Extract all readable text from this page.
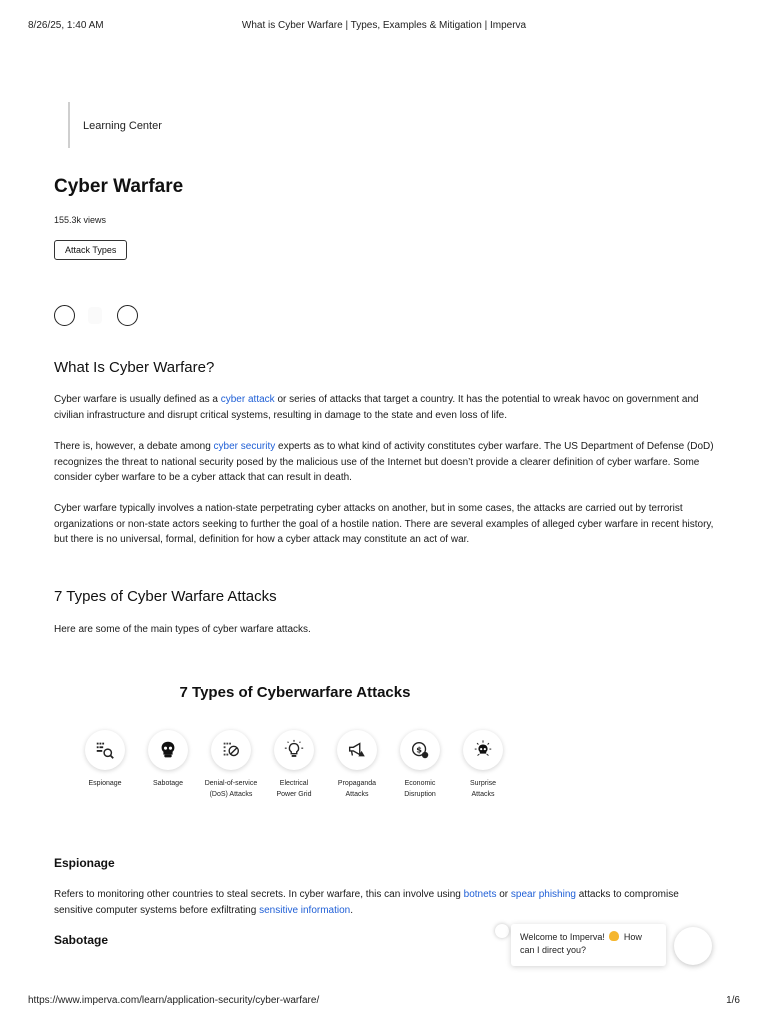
8/26/25, 1:40 AM	What is Cyber Warfare | Types, Examples & Mitigation | Imperva
Learning Center
Cyber Warfare
155.3k views
Attack Types
What Is Cyber Warfare?

Cyber warfare is usually defined as a cyber attack or series of attacks that target a country. It has the potential to wreak havoc on government and civilian infrastructure and disrupt critical systems, resulting in damage to the state and even loss of life.

There is, however, a debate among cyber security experts as to what kind of activity constitutes cyber warfare. The US Department of Defense (DoD) recognizes the threat to national security posed by the malicious use of the Internet but doesn’t provide a clearer definition of cyber warfare. Some consider cyber warfare to be a cyber attack that can result in death.

Cyber warfare typically involves a nation-state perpetrating cyber attacks on another, but in some cases, the attacks are carried out by terrorist organizations or non-state actors seeking to further the goal of a hostile nation. There are several examples of alleged cyber warfare in recent history, but there is no universal, formal, definition for how a cyber attack may constitute an act of war.

7 Types of Cyber Warfare Attacks

Here are some of the main types of cyber warfare attacks.

7 Types of Cyberwarfare Attacks
Espionage	Sabotage	Denial-of-service
(DoS) Attacks
Electrical
Power Grid
Propaganda
Attacks
$
Economic
Disruption
Surprise
Attacks
Espionage

Refers to monitoring other countries to steal secrets. In cyber warfare, this can involve using botnets or spear phishing attacks to compromise sensitive computer systems before exfiltrating sensitive information.

Sabotage	Welcome to Imperva! How can I direct you?
https://www.imperva.com/learn/application-security/cyber-warfare/	1/6
